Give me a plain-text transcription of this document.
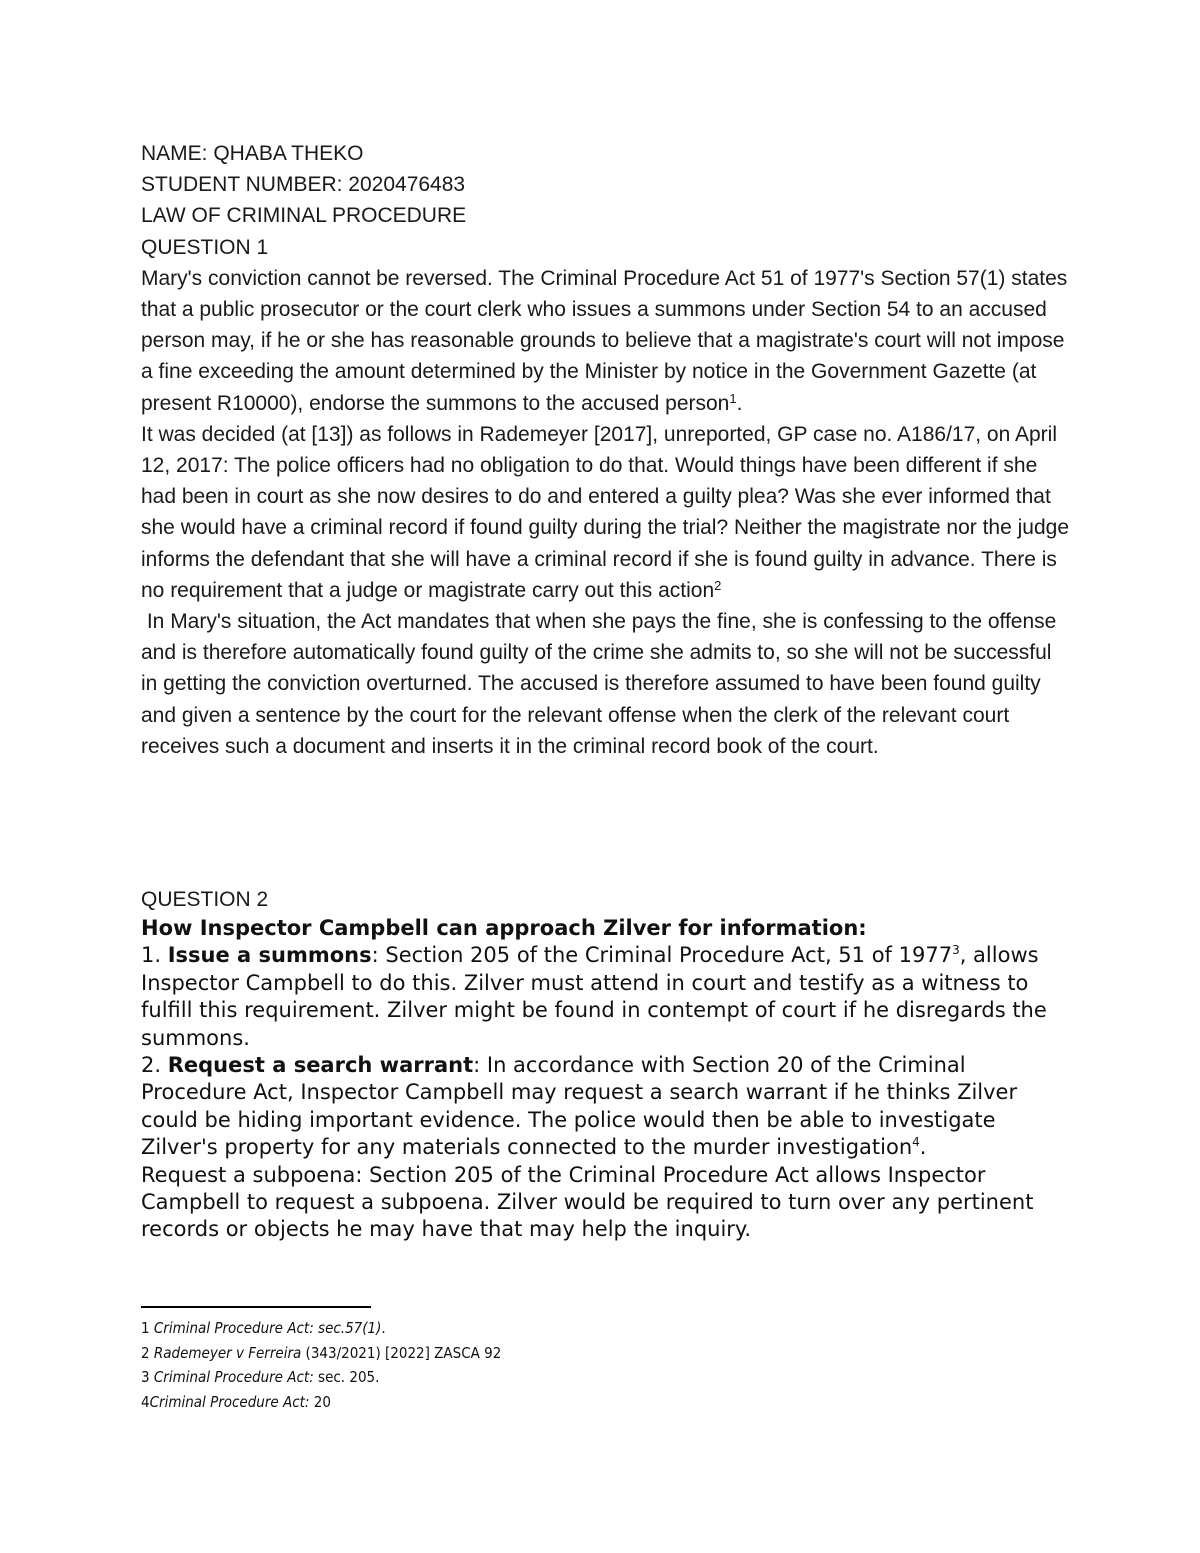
NAME: QHABA THEKO

STUDENT NUMBER: 2020476483

LAW OF CRIMINAL PROCEDURE

QUESTION 1

Mary's conviction cannot be reversed. The Criminal Procedure Act 51 of 1977's Section 57(1) states that a public prosecutor or the court clerk who issues a summons under Section 54 to an accused person may, if he or she has reasonable grounds to believe that a magistrate's court will not impose a fine exceeding the amount determined by the Minister by notice in the Government Gazette (at present R10000), endorse the summons to the accused person$^1$.

It was decided (at [13]) as follows in Rademeyer [2017], unreported, GP case no. A186/17, on April 12, 2017: The police officers had no obligation to do that. Would things have been different if she had been in court as she now desires to do and entered a guilty plea? Was she ever informed that she would have a criminal record if found guilty during the trial? Neither the magistrate nor the judge informs the defendant that she will have a criminal record if she is found guilty in advance. There is no requirement that a judge or magistrate carry out this action$^2$

In Mary's situation, the Act mandates that when she pays the fine, she is confessing to the offense and is therefore automatically found guilty of the crime she admits to, so she will not be successful in getting the conviction overturned. The accused is therefore assumed to have been found guilty and given a sentence by the court for the relevant offense when the clerk of the relevant court receives such a document and inserts it in the criminal record book of the court.

QUESTION 2

How Inspector Campbell can approach Zilver for information:

1. Issue a summons: Section 205 of the Criminal Procedure Act, 51 of 1977$^3$, allows Inspector Campbell to do this. Zilver must attend in court and testify as a witness to fulfill this requirement. Zilver might be found in contempt of court if he disregards the summons.

2. Request a search warrant: In accordance with Section 20 of the Criminal Procedure Act, Inspector Campbell may request a search warrant if he thinks Zilver could be hiding important evidence. The police would then be able to investigate Zilver's property for any materials connected to the murder investigation$^4$.

Request a subpoena: Section 205 of the Criminal Procedure Act allows Inspector Campbell to request a subpoena. Zilver would be required to turn over any pertinent records or objects he may have that may help the inquiry.

1 Criminal Procedure Act: sec.57(1).

2 Rademeyer v Ferreira (343/2021) [2022] ZASCA 92

3 Criminal Procedure Act: sec. 205.

4Criminal Procedure Act: 20
